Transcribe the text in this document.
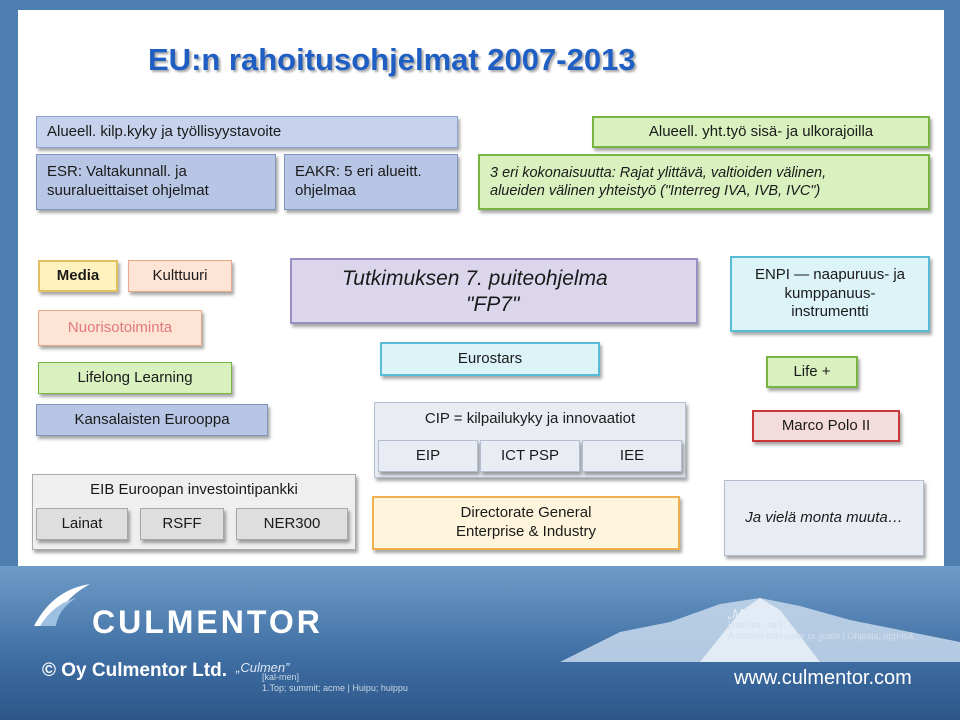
EU:n rahoitusohjelmat 2007-2013
Alueell. kilp.kyky ja työllisyystavoite
ESR: Valtakunnall. ja
suuralueittaiset ohjelmat
EAKR: 5 eri alueitt.
ohjelmaa
Alueell. yht.työ sisä- ja ulkorajoilla
3 eri kokonaisuutta: Rajat ylittävä, valtioiden välinen,
alueiden välinen yhteistyö ("Interreg IVA, IVB, IVC")
Media	Kulttuuri
Nuorisotoiminta
Lifelong Learning
Kansalaisten Eurooppa
EIB Euroopan investointipankki
Lainat	RSFF	NER300
Tutkimuksen 7. puiteohjelma
"FP7"
Eurostars
CIP = kilpailukyky ja innovaatiot
EIP	ICT PSP	IEE
Directorate General
Enterprise & Industry
ENPI — naapuruus- ja
kumppanuus-
instrumentti
Life +
Marco Polo II
Ja vielä monta muuta…
CULMENTOR
© Oy Culmentor Ltd. „Culmen”
[kal-men]
1.Top; summit; acme | Huipu; huippu
„Mentor”
[men-tör, -tar]
A trusted counselor or guide | Ohjaaja, opp-isä
www.culmentor.com
